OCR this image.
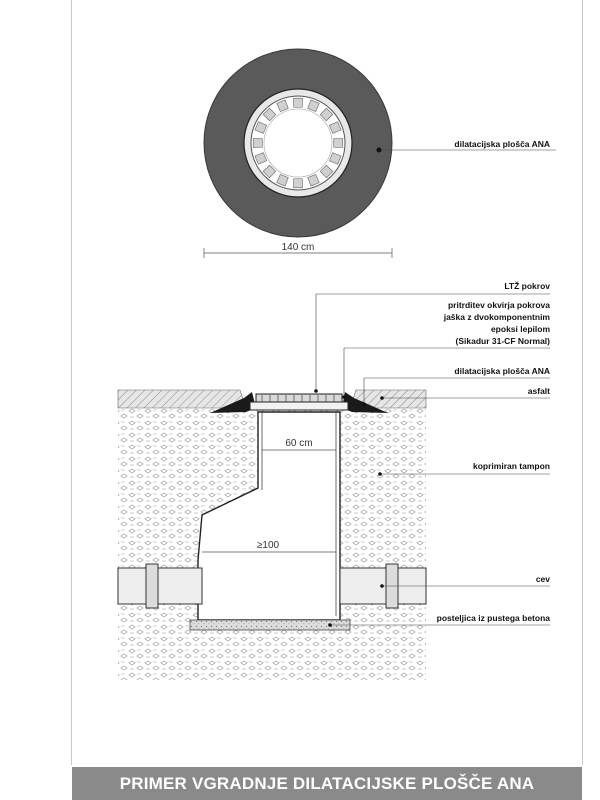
dilatacijska plošča ANA
140 cm
60 cm
≥100
LTŽ pokrov
pritrditev okvirja pokrova
jaška z dvokomponentnim
epoksi lepilom
(Sikadur 31-CF Normal)
dilatacijska plošča ANA
asfalt
koprimiran tampon
cev
posteljica iz pustega betona
PRIMER VGRADNJE DILATACIJSKE PLOŠČE ANA
